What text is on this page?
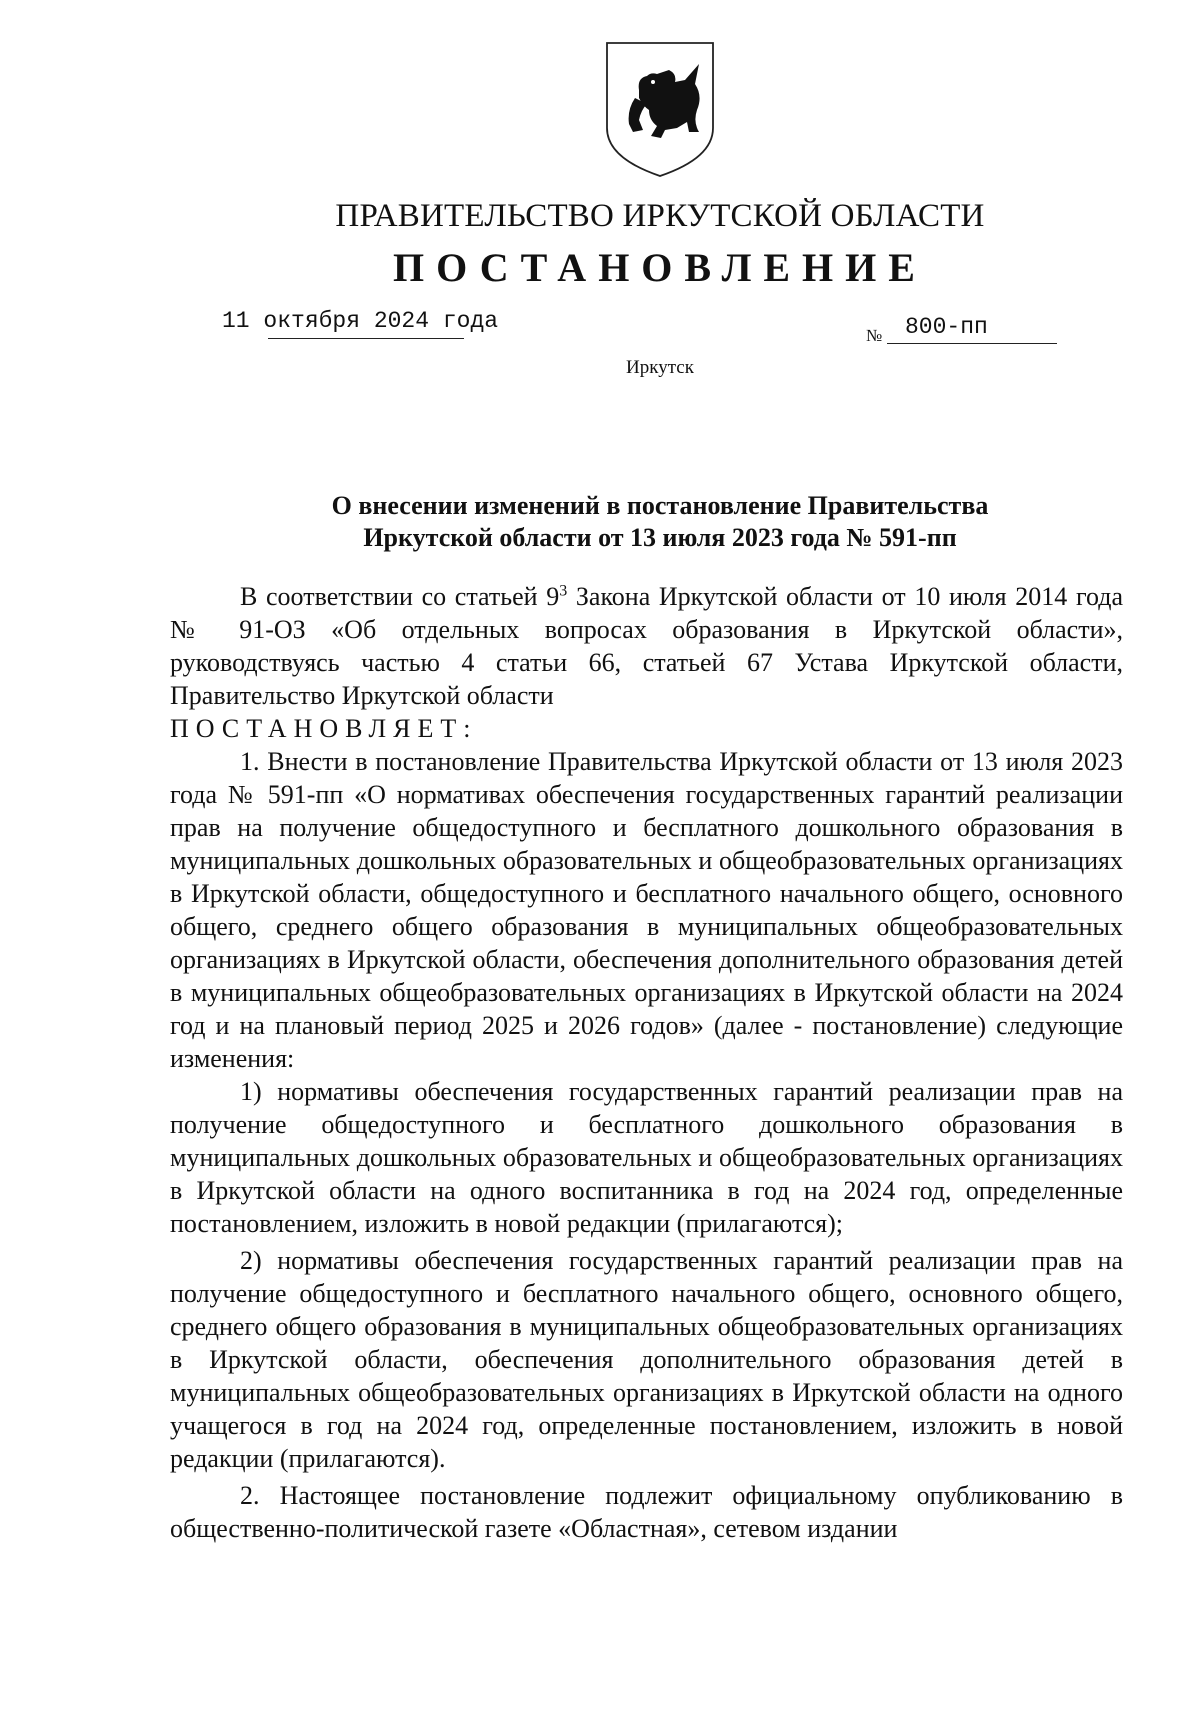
ПРАВИТЕЛЬСТВО ИРКУТСКОЙ ОБЛАСТИ
ПОСТАНОВЛЕНИЕ
11 октября 2024 года
№ 800-пп
Иркутск
О внесении изменений в постановление Правительства
Иркутской области от 13 июля 2023 года № 591-пп

В соответствии со статьей $9^3$ Закона Иркутской области от 10 июля 2014 года № 91-ОЗ «Об отдельных вопросах образования в Иркутской области», руководствуясь частью 4 статьи 66, статьей 67 Устава Иркутской области, Правительство Иркутской области

ПОСТАНОВЛЯЕТ:

1. Внести в постановление Правительства Иркутской области от 13 июля 2023 года № 591-пп «О нормативах обеспечения государственных гарантий реализации прав на получение общедоступного и бесплатного дошкольного образования в муниципальных дошкольных образовательных и общеобразовательных организациях в Иркутской области, общедоступного и бесплатного начального общего, основного общего, среднего общего образования в муниципальных общеобразовательных организациях в Иркутской области, обеспечения дополнительного образования детей в муниципальных общеобразовательных организациях в Иркутской области на 2024 год и на плановый период 2025 и 2026 годов» (далее - постановление) следующие изменения:

1) нормативы обеспечения государственных гарантий реализации прав на получение общедоступного и бесплатного дошкольного образования в муниципальных дошкольных образовательных и общеобразовательных организациях в Иркутской области на одного воспитанника в год на 2024 год, определенные постановлением, изложить в новой редакции (прилагаются);

2) нормативы обеспечения государственных гарантий реализации прав на получение общедоступного и бесплатного начального общего, основного общего, среднего общего образования в муниципальных общеобразовательных организациях в Иркутской области, обеспечения дополнительного образования детей в муниципальных общеобразовательных организациях в Иркутской области на одного учащегося в год на 2024 год, определенные постановлением, изложить в новой редакции (прилагаются).

2. Настоящее постановление подлежит официальному опубликованию в общественно-политической газете «Областная», сетевом издании
